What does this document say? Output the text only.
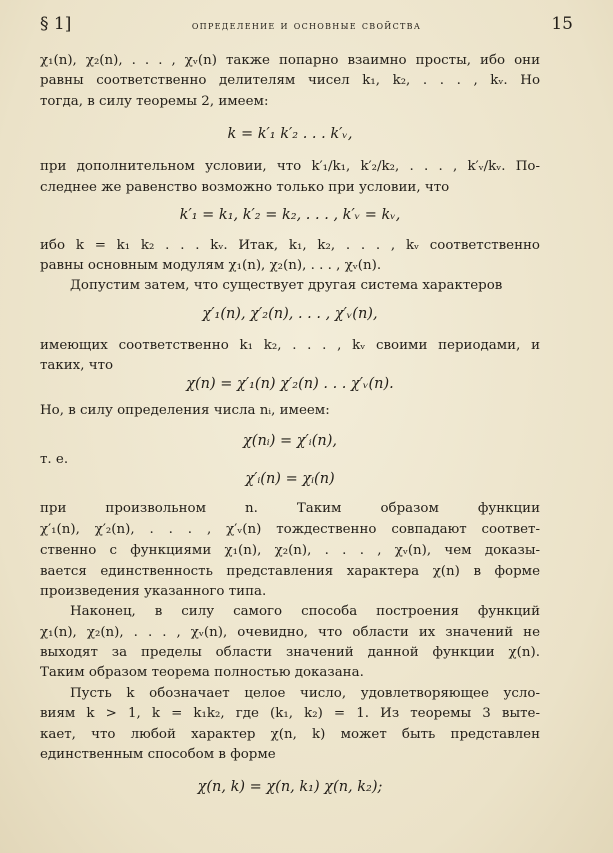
§ 1]	определение и основные свойства	15
χ₁(n), χ₂(n), . . . , χᵥ(n) также попарно взаимно просты, ибо они
равны соответственно делителям чисел k₁, k₂, . . . , kᵥ. Но
тогда, в силу теоремы 2, имеем:
k = k′₁ k′₂ . . . k′ᵥ,
при дополнительном условии, что k′₁/k₁, k′₂/k₂, . . . , k′ᵥ/kᵥ. По-
следнее же равенство возможно только при условии, что
k′₁ = k₁, k′₂ = k₂, . . . , k′ᵥ = kᵥ,
ибо k = k₁ k₂ . . . kᵥ. Итак, k₁, k₂, . . . , kᵥ соответственно
равны основным модулям χ₁(n), χ₂(n), . . . , χᵥ(n).
Допустим затем, что существует другая система характеров
χ′₁(n), χ′₂(n), . . . , χ′ᵥ(n),
имеющих соответственно k₁ k₂, . . . , kᵥ своими периодами, и
таких, что
χ(n) = χ′₁(n) χ′₂(n) . . . χ′ᵥ(n).
Но, в силу определения числа nᵢ, имеем:
χ(nᵢ) = χ′ᵢ(n),
т. е.
χ′ᵢ(n) = χᵢ(n)
при произвольном n. Таким образом функции
χ′₁(n), χ′₂(n), . . . , χ′ᵥ(n) тождественно совпадают соответ-
ственно с функциями χ₁(n), χ₂(n), . . . , χᵥ(n), чем доказы-
вается единственность представления характера χ(n) в форме
произведения указанного типа.
Наконец, в силу самого способа построения функций
χ₁(n), χ₂(n), . . . , χᵥ(n), очевидно, что области их значений не
выходят за пределы области значений данной функции χ(n).
Таким образом теорема полностью доказана.
Пусть k обозначает целое число, удовлетворяющее усло-
виям k > 1, k = k₁k₂, где (k₁, k₂) = 1. Из теоремы 3 выте-
кает, что любой характер χ(n, k) может быть представлен
единственным способом в форме
χ(n, k) = χ(n, k₁) χ(n, k₂);
